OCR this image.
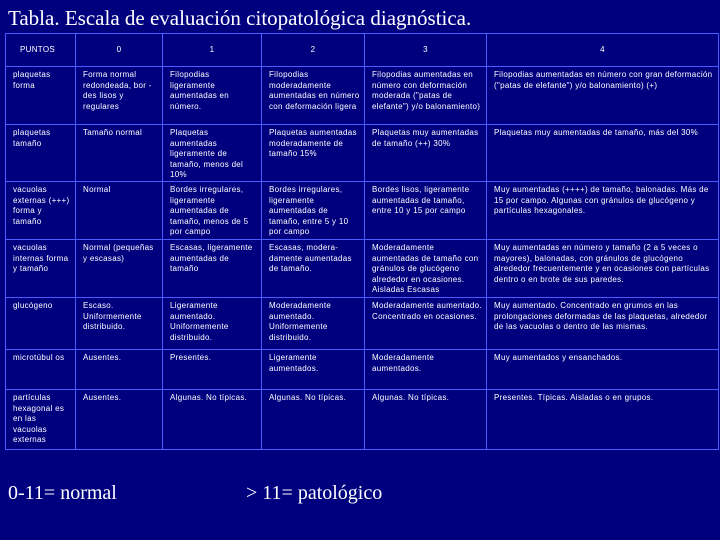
Tabla. Escala de evaluación citopatológica diagnóstica.
PUNTOS	0	1	2	3	4
plaquetas forma	Forma normal redondeada, bor - des lisos y regulares	Filopodias ligeramente aumentadas en número.	Filopodias moderadamente aumentadas en número con deformación ligera	Filopodias aumentadas en número con deformación moderada ("patas de elefante") y/o balonamiento)	Filopodias aumentadas en número con gran deformación ("patas de elefante") y/o balonamiento) (+)
plaquetas tamaño	Tamaño normal	Plaquetas aumentadas ligeramente de tamaño, menos del 10%	Plaquetas aumentadas moderadamente de tamaño 15%	Plaquetas muy aumentadas de tamaño (++) 30%	Plaquetas muy aumentadas de tamaño, más del 30%
vacuolas externas (+++) forma y tamaño	Normal	Bordes irregulares, ligeramente aumentadas de tamaño, menos de 5 por campo	Bordes irregulares, ligeramente aumentadas de tamaño, entre 5 y 10 por campo	Bordes lisos, ligeramente aumentadas de tamaño, entre 10 y 15 por campo	Muy aumentadas (++++) de tamaño, balonadas. Más de 15 por campo. Algunas con gránulos de glucógeno y partículas hexagonales.
vacuolas internas forma y tamaño	Normal (pequeñas y escasas)	Escasas, ligeramente aumentadas de tamaño	Escasas, modera- damente aumentadas de tamaño.	Moderadamente aumentadas de tamaño con gránulos de glucógeno alrededor en ocasiones. Aisladas Escasas	Muy aumentadas en número y tamaño (2 a 5 veces o mayores), balonadas, con gránulos de glucógeno alrededor frecuentemente y en ocasiones con partículas dentro o en brote de sus paredes.
glucógeno	Escaso. Uniformemente distribuido.	Ligeramente aumentado. Uniformemente distribuido.	Moderadamente aumentado. Uniformemente distribuido.	Moderadamente aumentado. Concentrado en ocasiones.	Muy aumentado. Concentrado en grumos en las prolongaciones deformadas de las plaquetas, alrededor de las vacuolas o dentro de las mismas.
microtúbul os	Ausentes.	Presentes.	Ligeramente aumentados.	Moderadamente aumentados.	Muy aumentados y ensanchados.
partículas hexagonal es en las vacuolas externas	Ausentes.	Algunas. No típicas.	Algunas. No típicas.	Algunas. No típicas.	Presentes. Típicas. Aisladas o en grupos.
0-11= normal	> 11= patológico
